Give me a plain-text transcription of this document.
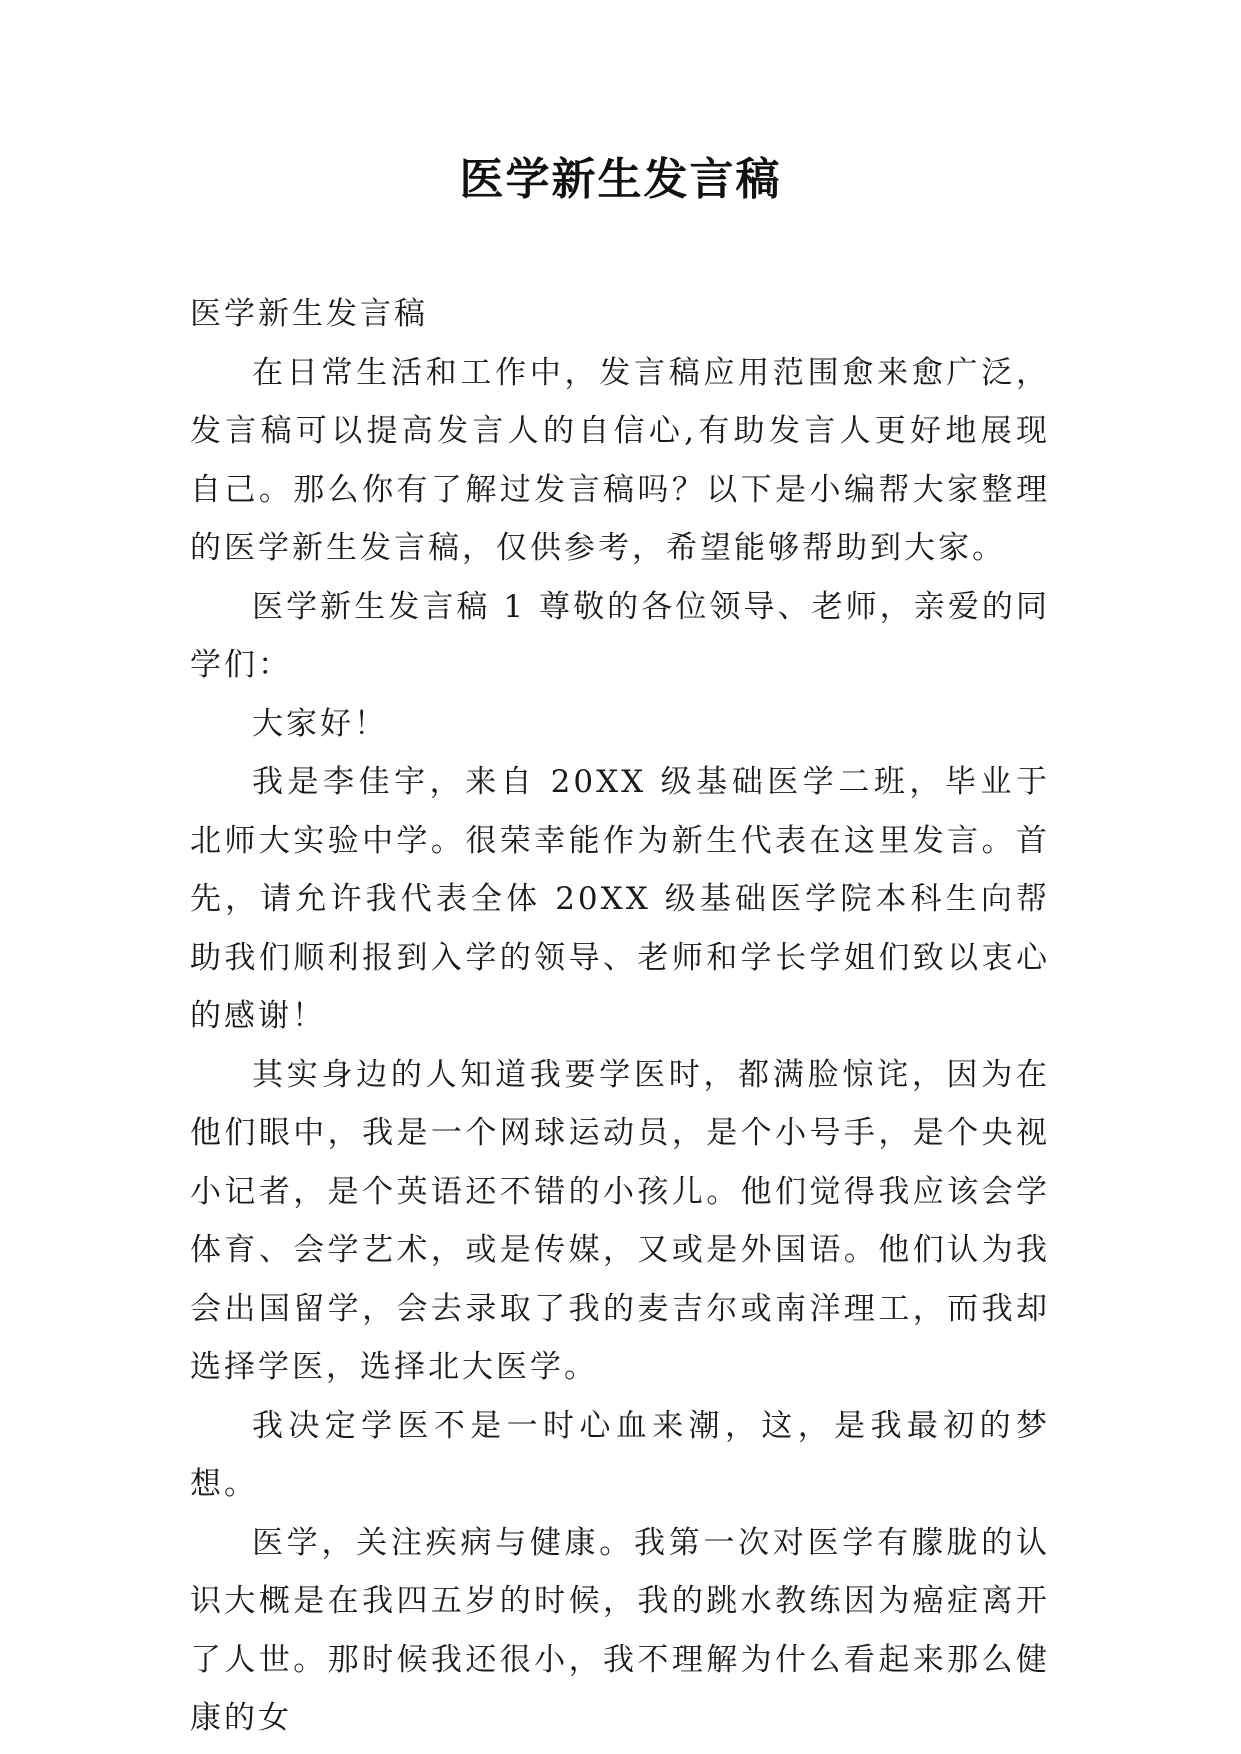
医学新生发言稿

医学新生发言稿

在日常生活和工作中，发言稿应用范围愈来愈广泛，发言稿可以提高发言人的自信心,有助发言人更好地展现自己。那么你有了解过发言稿吗？以下是小编帮大家整理的医学新生发言稿，仅供参考，希望能够帮助到大家。

医学新生发言稿 1 尊敬的各位领导、老师，亲爱的同学们：

大家好！

我是李佳宇，来自 20XX 级基础医学二班，毕业于北师大实验中学。很荣幸能作为新生代表在这里发言。首先，请允许我代表全体 20XX 级基础医学院本科生向帮助我们顺利报到入学的领导、老师和学长学姐们致以衷心的感谢！

其实身边的人知道我要学医时，都满脸惊诧，因为在他们眼中，我是一个网球运动员，是个小号手，是个央视小记者，是个英语还不错的小孩儿。他们觉得我应该会学体育、会学艺术，或是传媒，又或是外国语。他们认为我会出国留学，会去录取了我的麦吉尔或南洋理工，而我却选择学医，选择北大医学。

我决定学医不是一时心血来潮，这，是我最初的梦想。

医学，关注疾病与健康。我第一次对医学有朦胧的认识大概是在我四五岁的时候，我的跳水教练因为癌症离开了人世。那时候我还很小，我不理解为什么看起来那么健康的女
